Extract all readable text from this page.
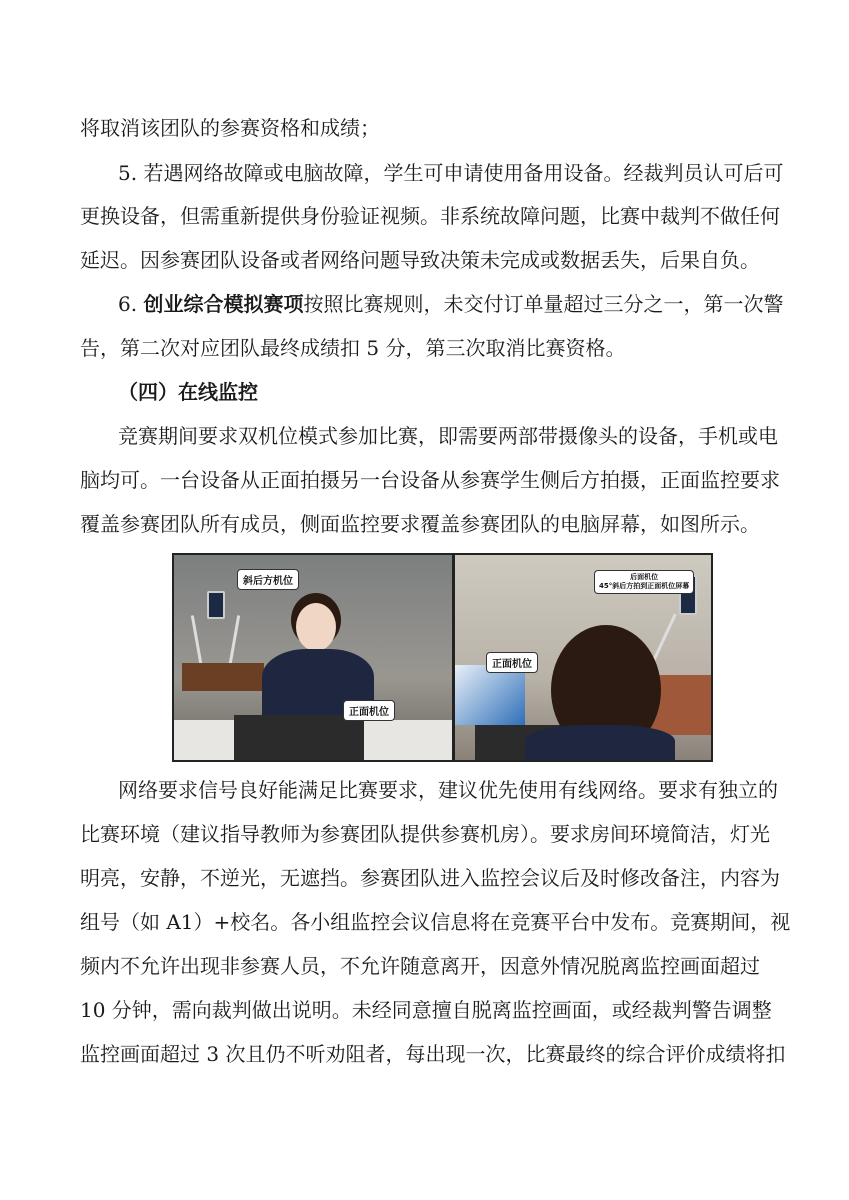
将取消该团队的参赛资格和成绩；
5. 若遇网络故障或电脑故障，学生可申请使用备用设备。经裁判员认可后可
更换设备，但需重新提供身份验证视频。非系统故障问题，比赛中裁判不做任何
延迟。因参赛团队设备或者网络问题导致决策未完成或数据丢失，后果自负。
6. 创业综合模拟赛项按照比赛规则，未交付订单量超过三分之一，第一次警
告，第二次对应团队最终成绩扣 5 分，第三次取消比赛资格。
（四）在线监控
竞赛期间要求双机位模式参加比赛，即需要两部带摄像头的设备，手机或电
脑均可。一台设备从正面拍摄另一台设备从参赛学生侧后方拍摄，正面监控要求
覆盖参赛团队所有成员，侧面监控要求覆盖参赛团队的电脑屏幕，如图所示。
斜后方机位
正面机位
后面机位
45°斜后方拍到正面机位屏幕
正面机位
网络要求信号良好能满足比赛要求，建议优先使用有线网络。要求有独立的
比赛环境（建议指导教师为参赛团队提供参赛机房）。要求房间环境简洁，灯光
明亮，安静，不逆光，无遮挡。参赛团队进入监控会议后及时修改备注，内容为
组号（如 A1）+校名。各小组监控会议信息将在竞赛平台中发布。竞赛期间，视
频内不允许出现非参赛人员，不允许随意离开，因意外情况脱离监控画面超过
10 分钟，需向裁判做出说明。未经同意擅自脱离监控画面，或经裁判警告调整
监控画面超过 3 次且仍不听劝阻者，每出现一次，比赛最终的综合评价成绩将扣
